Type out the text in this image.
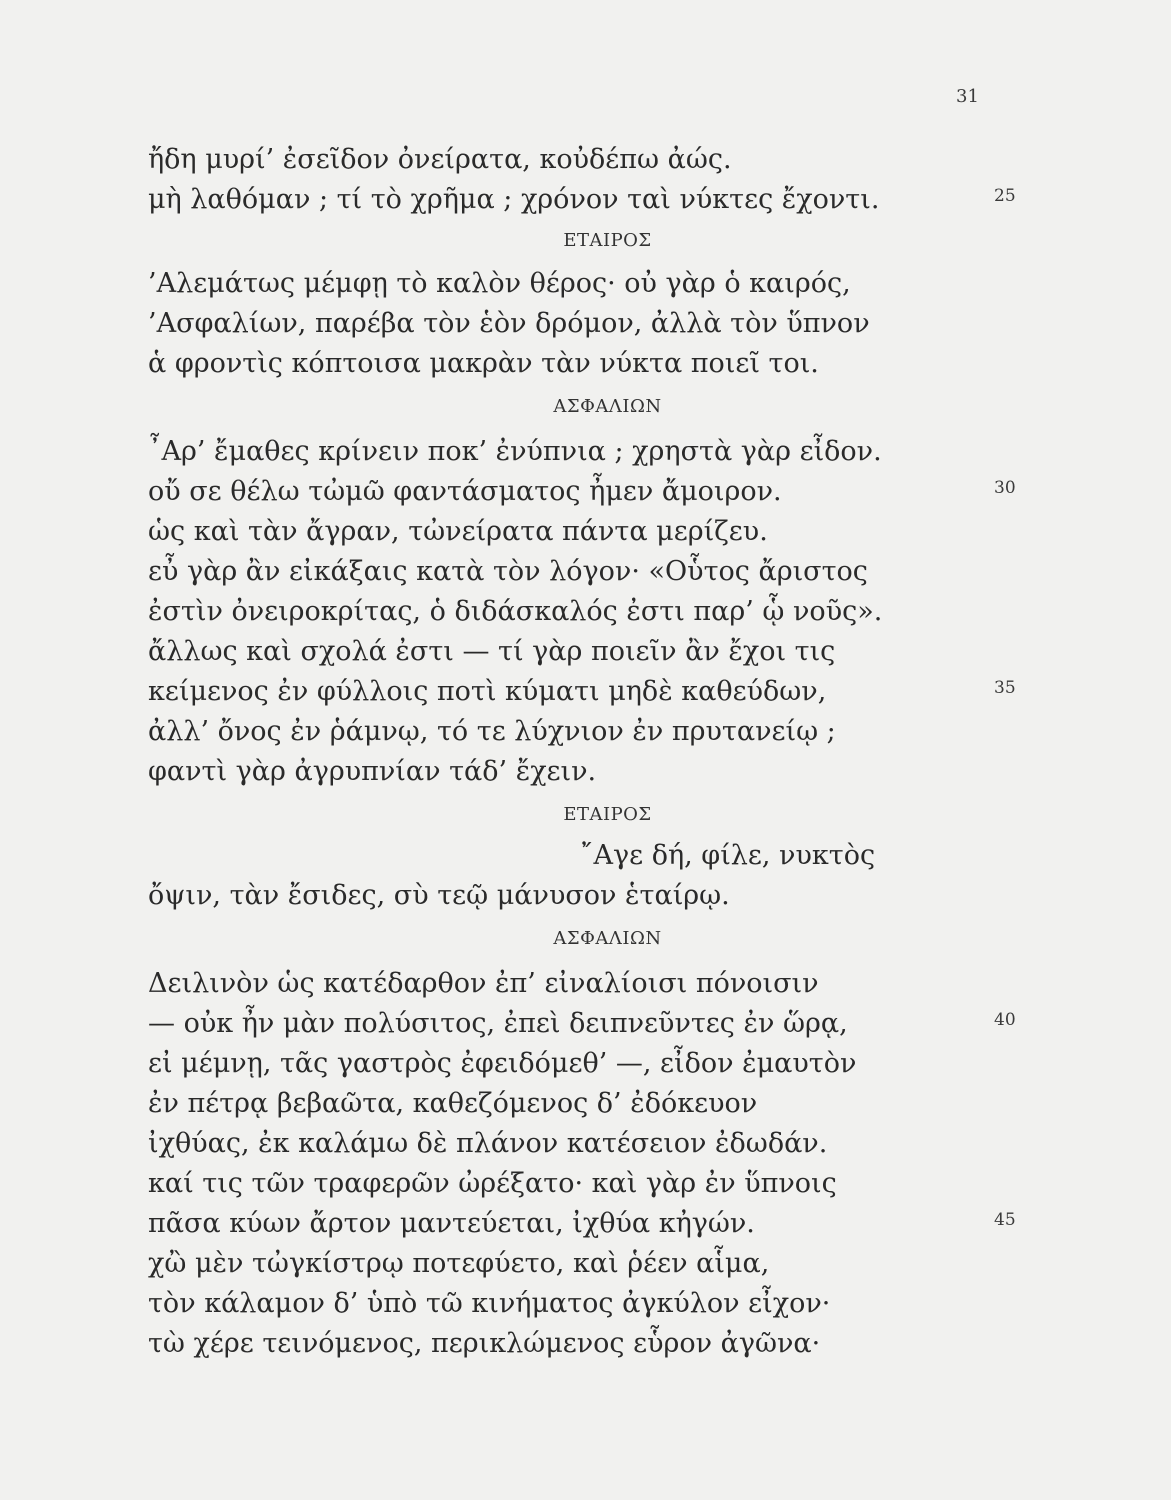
31
ἤδη μυρί’ ἐσεῖδον ὀνείρατα, κοὐδέπω ἀώς.
μὴ λαθόμαν ; τί τὸ χρῆμα ; χρόνον ταὶ νύκτες ἔχοντι.	25
ΕΤΑΙΡΟΣ
’Αλεμάτως μέμφῃ τὸ καλὸν θέρος· οὐ γὰρ ὁ καιρός,
’Ασφαλίων, παρέβα τὸν ἑὸν δρόμον, ἀλλὰ τὸν ὕπνον
ἁ φροντὶς κόπτοισα μακρὰν τὰν νύκτα ποιεῖ τοι.
ΑΣΦΑΛΙΩΝ
῏Αρ’ ἔμαθες κρίνειν ποκ’ ἐνύπνια ; χρηστὰ γὰρ εἶδον.
οὔ σε θέλω τὠμῶ φαντάσματος ἦμεν ἄμοιρον.	30
ὡς καὶ τὰν ἄγραν, τὠνείρατα πάντα μερίζευ.
εὖ γὰρ ἂν εἰκάξαις κατὰ τὸν λόγον· «Οὗτος ἄριστος
ἐστὶν ὀνειροκρίτας, ὁ διδάσκαλός ἐστι παρ’ ᾧ νοῦς».
ἄλλως καὶ σχολά ἐστι — τί γὰρ ποιεῖν ἂν ἔχοι τις
κείμενος ἐν φύλλοις ποτὶ κύματι μηδὲ καθεύδων,	35
ἀλλ’ ὄνος ἐν ῥάμνῳ, τό τε λύχνιον ἐν πρυτανείῳ ;
φαντὶ γὰρ ἀγρυπνίαν τάδ’ ἔχειν.
ΕΤΑΙΡΟΣ
῎Αγε δή, φίλε, νυκτὸς
ὄψιν, τὰν ἔσιδες, σὺ τεῷ μάνυσον ἑταίρῳ.
ΑΣΦΑΛΙΩΝ
Δειλινὸν ὡς κατέδαρθον ἐπ’ εἰναλίοισι πόνοισιν
— οὐκ ἦν μὰν πολύσιτος, ἐπεὶ δειπνεῦντες ἐν ὥρᾳ,	40
εἰ μέμνῃ, τᾶς γαστρὸς ἐφειδόμεθ’ —, εἶδον ἐμαυτὸν
ἐν πέτρᾳ βεβαῶτα, καθεζόμενος δ’ ἐδόκευον
ἰχθύας, ἐκ καλάμω δὲ πλάνον κατέσειον ἐδωδάν.
καί τις τῶν τραφερῶν ὠρέξατο· καὶ γὰρ ἐν ὕπνοις
πᾶσα κύων ἄρτον μαντεύεται, ἰχθύα κἠγών.	45
χὢ μὲν τὠγκίστρῳ ποτεφύετο, καὶ ῥέεν αἷμα,
τὸν κάλαμον δ’ ὑπὸ τῶ κινήματος ἀγκύλον εἶχον·
τὼ χέρε τεινόμενος, περικλώμενος εὗρον ἀγῶνα·
